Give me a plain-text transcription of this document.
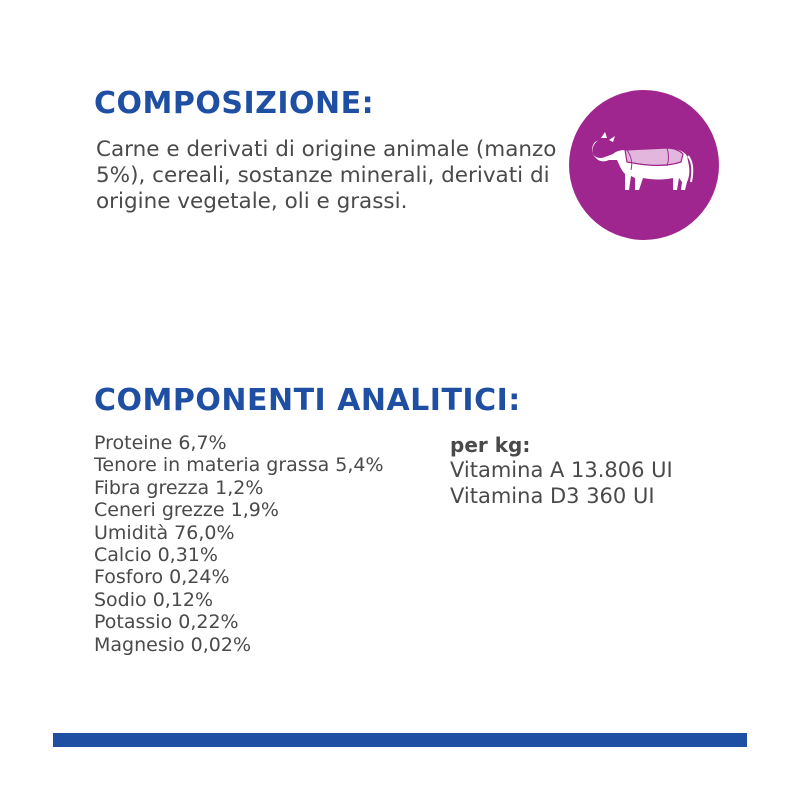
COMPOSIZIONE:

Carne e derivati di origine animale (manzo 5%), cereali, sostanze minerali, derivati di origine vegetale, oli e grassi.

COMPONENTI ANALITICI:
Proteine 6,7%
Tenore in materia grassa 5,4%
Fibra grezza 1,2%
Ceneri grezze 1,9%
Umidità 76,0%
Calcio 0,31%
Fosforo 0,24%
Sodio 0,12%
Potassio 0,22%
Magnesio 0,02%
per kg:
Vitamina A 13.806 UI
Vitamina D3 360 UI
